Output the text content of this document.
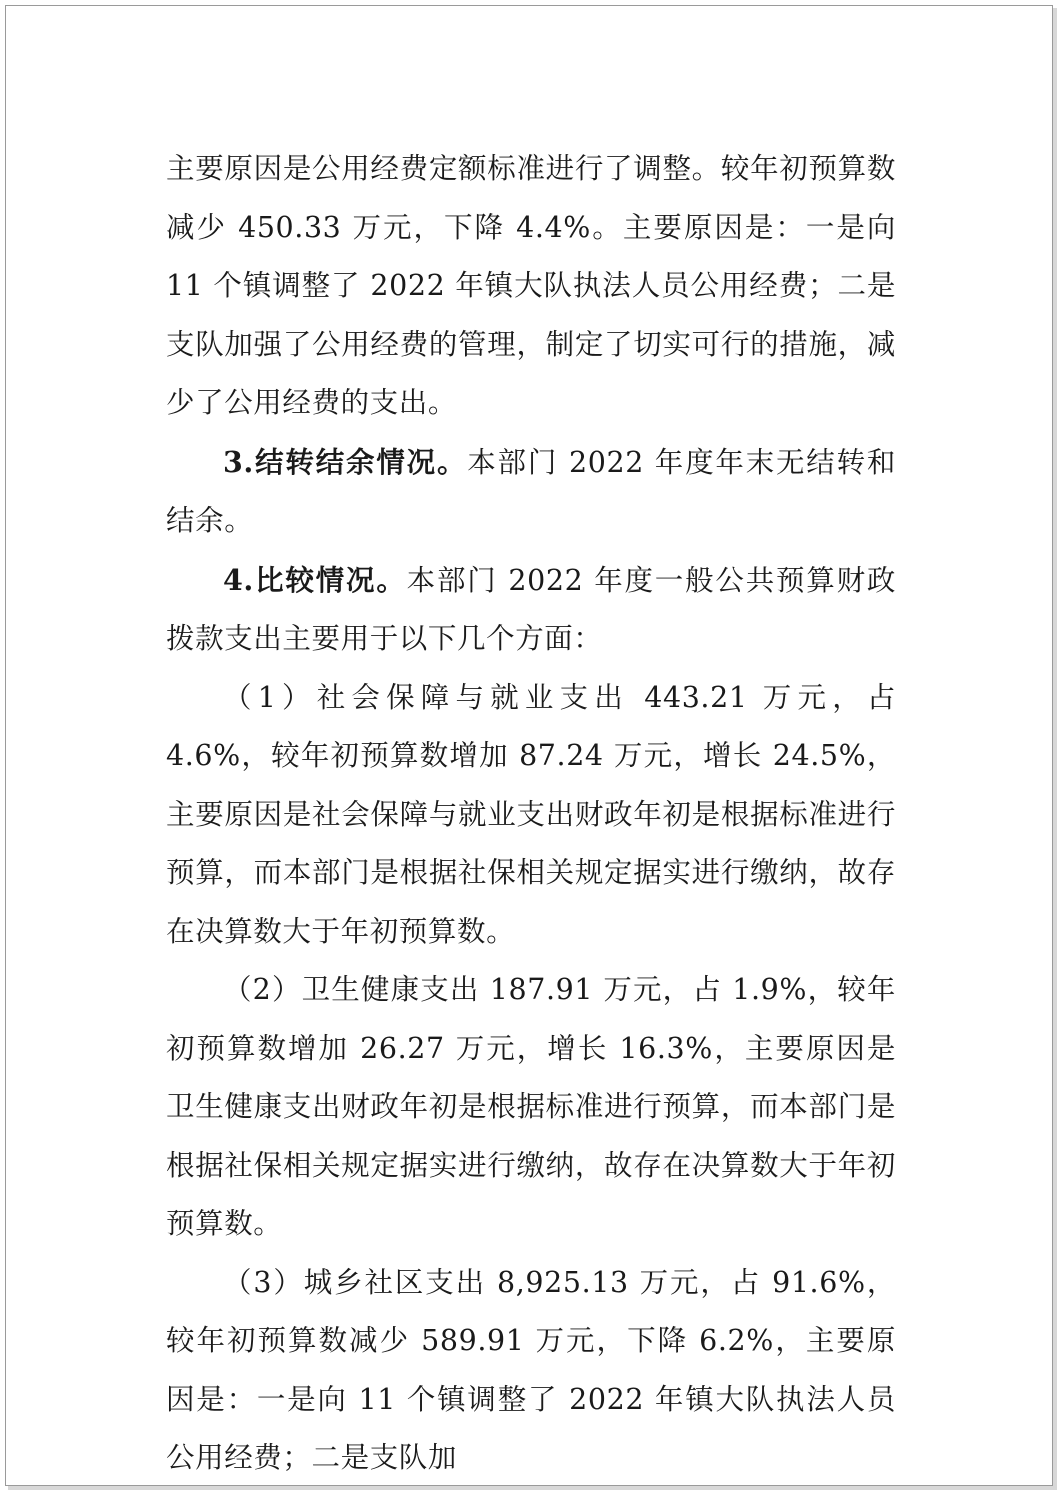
主要原因是公用经费定额标准进行了调整。较年初预算数减少 450.33 万元，下降 4.4%。主要原因是：一是向 11 个镇调整了 2022 年镇大队执法人员公用经费；二是支队加强了公用经费的管理，制定了切实可行的措施，减少了公用经费的支出。

3.结转结余情况。本部门 2022 年度年末无结转和结余。

4.比较情况。本部门 2022 年度一般公共预算财政拨款支出主要用于以下几个方面：

（1）社会保障与就业支出 443.21 万元，占 4.6%，较年初预算数增加 87.24 万元，增长 24.5%，主要原因是社会保障与就业支出财政年初是根据标准进行预算，而本部门是根据社保相关规定据实进行缴纳，故存在决算数大于年初预算数。

（2）卫生健康支出 187.91 万元，占 1.9%，较年初预算数增加 26.27 万元，增长 16.3%，主要原因是卫生健康支出财政年初是根据标准进行预算，而本部门是根据社保相关规定据实进行缴纳，故存在决算数大于年初预算数。

（3）城乡社区支出 8,925.13 万元，占 91.6%，较年初预算数减少 589.91 万元，下降 6.2%，主要原因是：一是向 11 个镇调整了 2022 年镇大队执法人员公用经费；二是支队加
